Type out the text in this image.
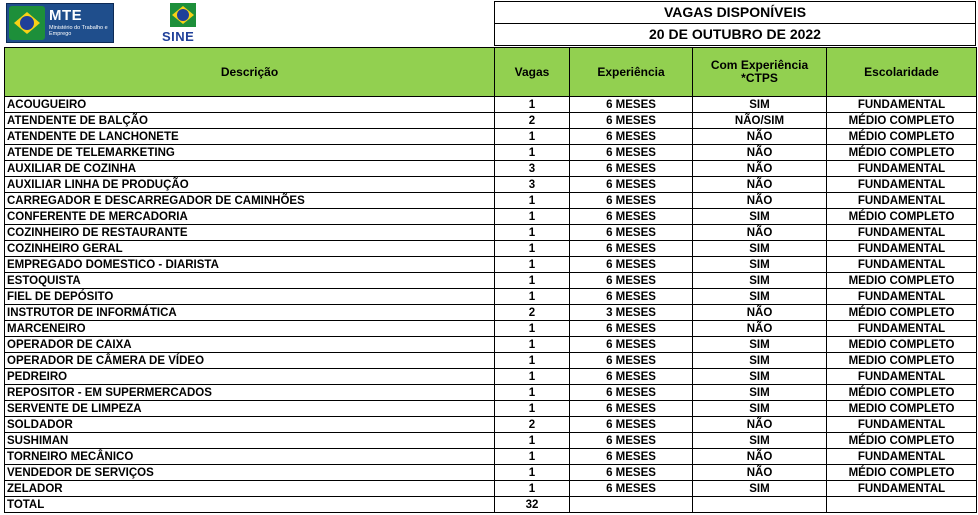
MTE
Ministério do Trabalho e Emprego	SINE
VAGAS DISPONÍVEIS
20 DE OUTUBRO DE 2022
Descrição	Vagas	Experiência	Com Experiência *CTPS	Escolaridade
ACOUGUEIRO	1	6 MESES	SIM	FUNDAMENTAL
ATENDENTE DE BALÇÃO	2	6 MESES	NÃO/SIM	MÉDIO COMPLETO
ATENDENTE DE LANCHONETE	1	6 MESES	NÃO	MÉDIO COMPLETO
ATENDE DE TELEMARKETING	1	6 MESES	NÃO	MÉDIO COMPLETO
AUXILIAR DE COZINHA	3	6 MESES	NÃO	FUNDAMENTAL
AUXILIAR LINHA DE PRODUÇÃO	3	6 MESES	NÃO	FUNDAMENTAL
CARREGADOR E DESCARREGADOR DE CAMINHÕES	1	6 MESES	NÃO	FUNDAMENTAL
CONFERENTE DE MERCADORIA	1	6 MESES	SIM	MÉDIO COMPLETO
COZINHEIRO DE RESTAURANTE	1	6 MESES	NÃO	FUNDAMENTAL
COZINHEIRO GERAL	1	6 MESES	SIM	FUNDAMENTAL
EMPREGADO DOMESTICO - DIARISTA	1	6 MESES	SIM	FUNDAMENTAL
ESTOQUISTA	1	6 MESES	SIM	MEDIO COMPLETO
FIEL DE DEPÓSITO	1	6 MESES	SIM	FUNDAMENTAL
INSTRUTOR DE INFORMÁTICA	2	3 MESES	NÃO	MÉDIO COMPLETO
MARCENEIRO	1	6 MESES	NÃO	FUNDAMENTAL
OPERADOR DE CAIXA	1	6 MESES	SIM	MEDIO COMPLETO
OPERADOR DE CÂMERA DE VÍDEO	1	6 MESES	SIM	MEDIO COMPLETO
PEDREIRO	1	6 MESES	SIM	FUNDAMENTAL
REPOSITOR - EM SUPERMERCADOS	1	6 MESES	SIM	MÉDIO COMPLETO
SERVENTE DE LIMPEZA	1	6 MESES	SIM	MEDIO COMPLETO
SOLDADOR	2	6 MESES	NÃO	FUNDAMENTAL
SUSHIMAN	1	6 MESES	SIM	MÉDIO COMPLETO
TORNEIRO MECÂNICO	1	6 MESES	NÃO	FUNDAMENTAL
VENDEDOR DE SERVIÇOS	1	6 MESES	NÃO	MÉDIO COMPLETO
ZELADOR	1	6 MESES	SIM	FUNDAMENTAL
TOTAL	32			
